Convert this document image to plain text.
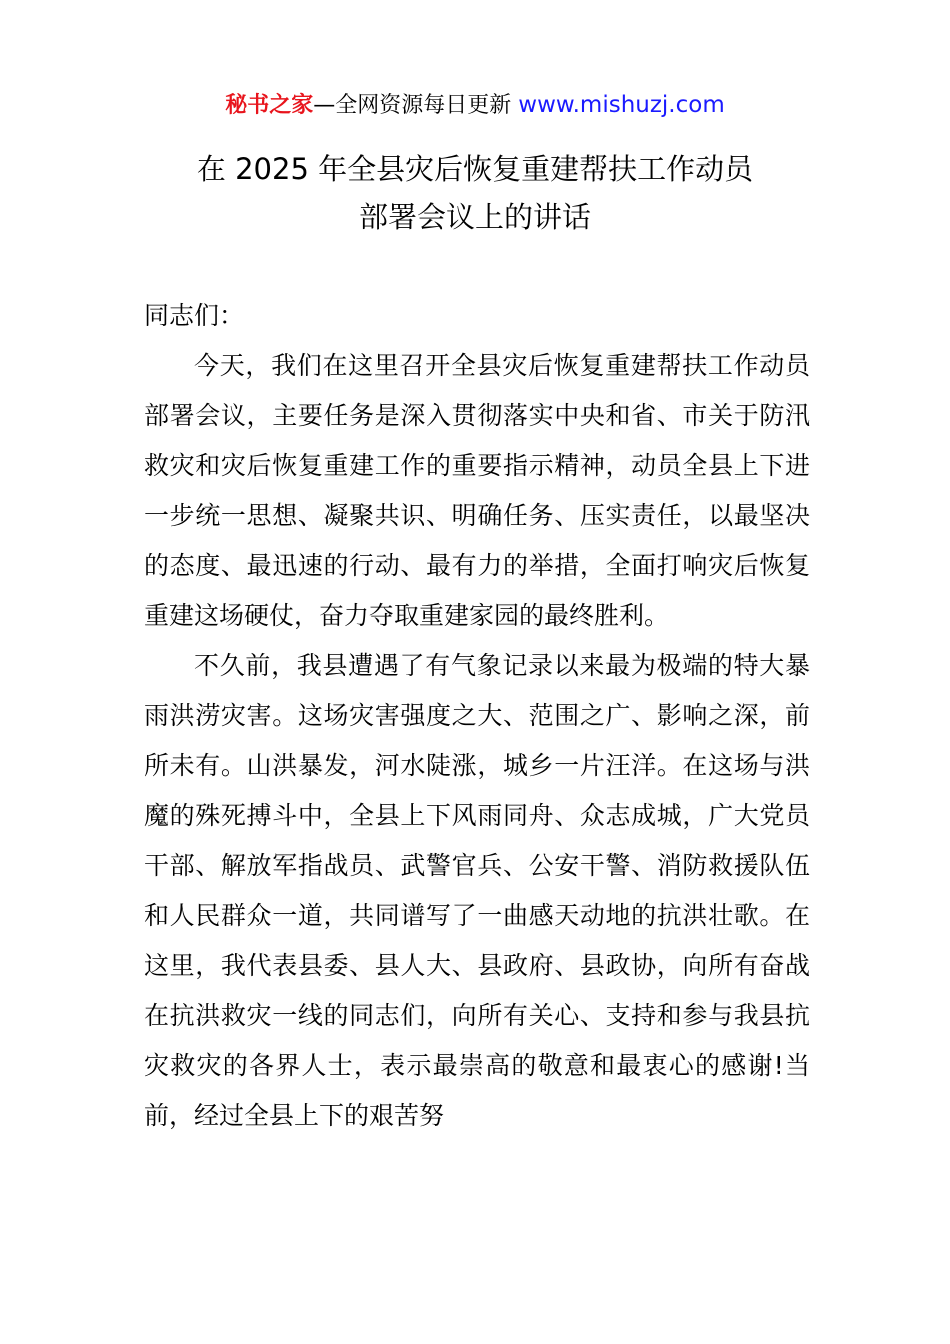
秘书之家—全网资源每日更新 www.mishuzj.com
在 2025 年全县灾后恢复重建帮扶工作动员
部署会议上的讲话

同志们：

今天，我们在这里召开全县灾后恢复重建帮扶工作动员部署会议，主要任务是深入贯彻落实中央和省、市关于防汛救灾和灾后恢复重建工作的重要指示精神，动员全县上下进一步统一思想、凝聚共识、明确任务、压实责任，以最坚决的态度、最迅速的行动、最有力的举措，全面打响灾后恢复重建这场硬仗，奋力夺取重建家园的最终胜利。

不久前，我县遭遇了有气象记录以来最为极端的特大暴雨洪涝灾害。这场灾害强度之大、范围之广、影响之深，前所未有。山洪暴发，河水陡涨，城乡一片汪洋。在这场与洪魔的殊死搏斗中，全县上下风雨同舟、众志成城，广大党员干部、解放军指战员、武警官兵、公安干警、消防救援队伍和人民群众一道，共同谱写了一曲感天动地的抗洪壮歌。在这里，我代表县委、县人大、县政府、县政协，向所有奋战在抗洪救灾一线的同志们，向所有关心、支持和参与我县抗灾救灾的各界人士，表示最崇高的敬意和最衷心的感谢!当前，经过全县上下的艰苦努
